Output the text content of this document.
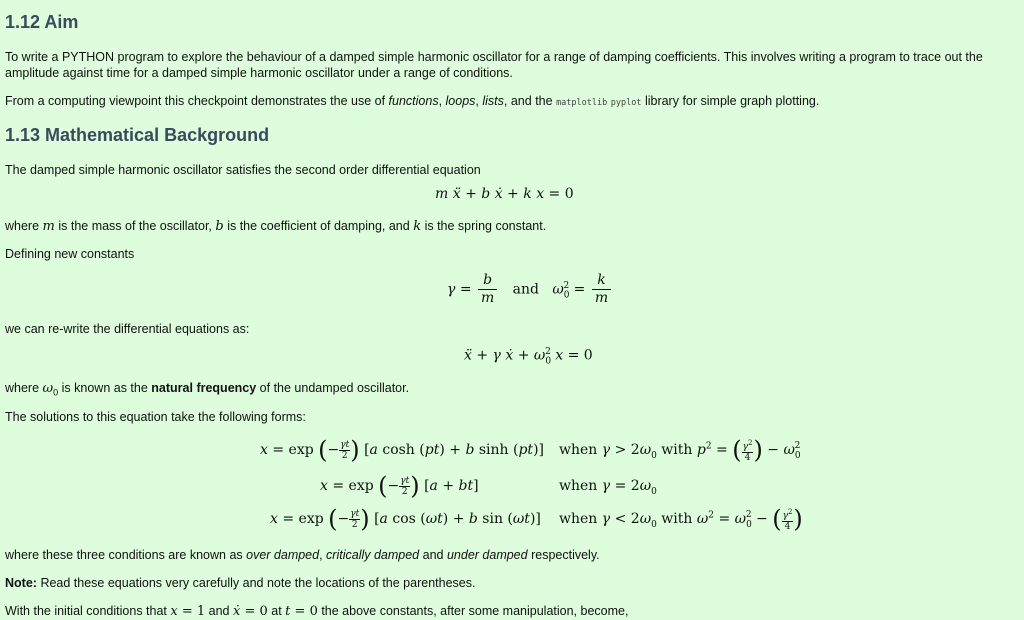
1.12 Aim
To write a PYTHON program to explore the behaviour of a damped simple harmonic oscillator for a range of damping coefficients. This involves writing a program to trace out the amplitude against time for a damped simple harmonic oscillator under a range of conditions.
From a computing viewpoint this checkpoint demonstrates the use of functions, loops, lists, and the matplotlib pyplot library for simple graph plotting.
1.13 Mathematical Background
The damped simple harmonic oscillator satisfies the second order differential equation
m ẍ + b ẋ + k x = 0
where m is the mass of the oscillator, b is the coefficient of damping, and k is the spring constant.
Defining new constants
$\gamma = \frac{b}{m}$ and $\omega_0^2 = \frac{k}{m}$
we can re-write the differential equations as:
ẍ + γ ẋ + $\omega_0^2$ x = 0
where $\omega_0$ is known as the natural frequency of the undamped oscillator.
The solutions to this equation take the following forms:
x = exp (− $\frac{\gamma t}{2}$ ) [a cosh (pt) + b sinh (pt)] when $\gamma > 2\omega_0$ with $p^2$ = ( $\frac{\gamma^2}{4}$ ) − $\omega_0^2$
x = exp (− $\frac{\gamma t}{2}$ ) [a + bt]	when $\gamma = 2\omega_0$
x = exp (− $\frac{\gamma t}{2}$ ) [a cos (ωt) + b sin (ωt)] when $\gamma < 2\omega_0$ with $\omega^2 = \omega_0^2$ − ( $\frac{\gamma^2}{4}$ )
where these three conditions are known as over damped, critically damped and under damped respectively.
Note: Read these equations very carefully and note the locations of the parentheses.
With the initial conditions that x = 1 and ẋ = 0 at t = 0 the above constants, after some manipulation, become,
